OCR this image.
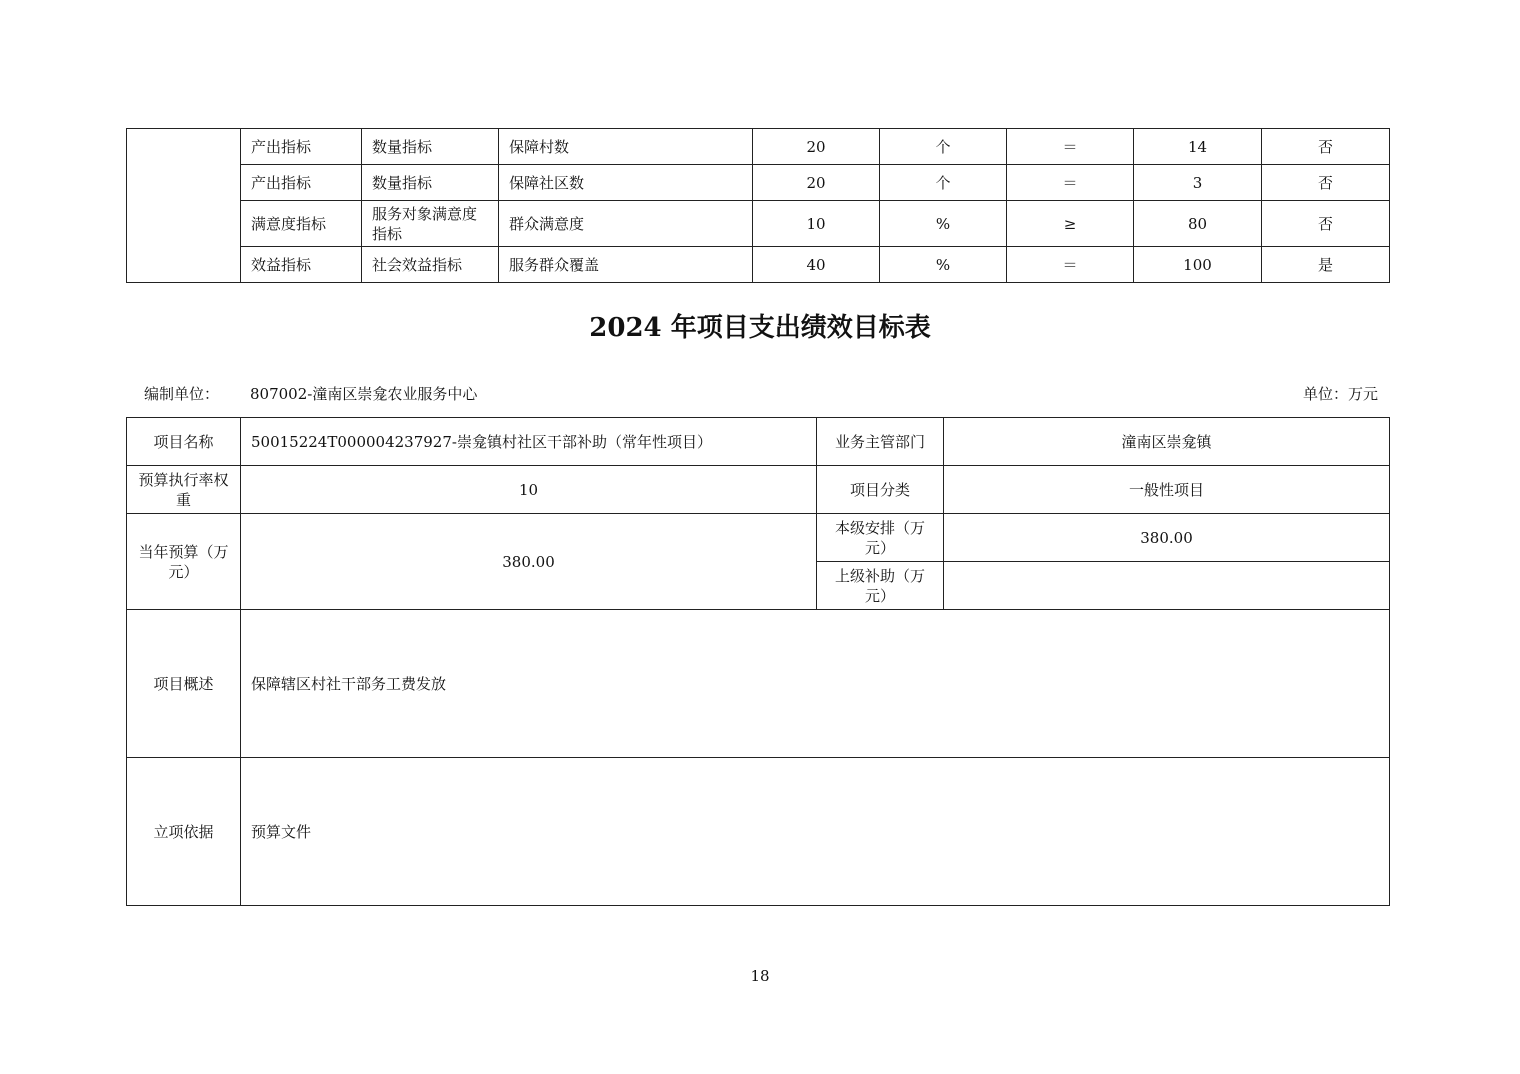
	产出指标	数量指标	保障村数	20	个	＝	14	否
	产出指标	数量指标	保障社区数	20	个	＝	3	否
	满意度指标	服务对象满意度指标	群众满意度	10	%	≥	80	否
	效益指标	社会效益指标	服务群众覆盖	40	%	＝	100	是
2024 年项目支出绩效目标表
编制单位： 807002-潼南区崇龛农业服务中心	单位：万元
项目名称	50015224T000004237927-崇龛镇村社区干部补助（常年性项目）	业务主管部门	潼南区崇龛镇
预算执行率权重	10	项目分类	一般性项目
当年预算（万元）	380.00	本级安排（万元）	380.00
		上级补助（万元）	
项目概述	保障辖区村社干部务工费发放		
立项依据	预算文件		
18
